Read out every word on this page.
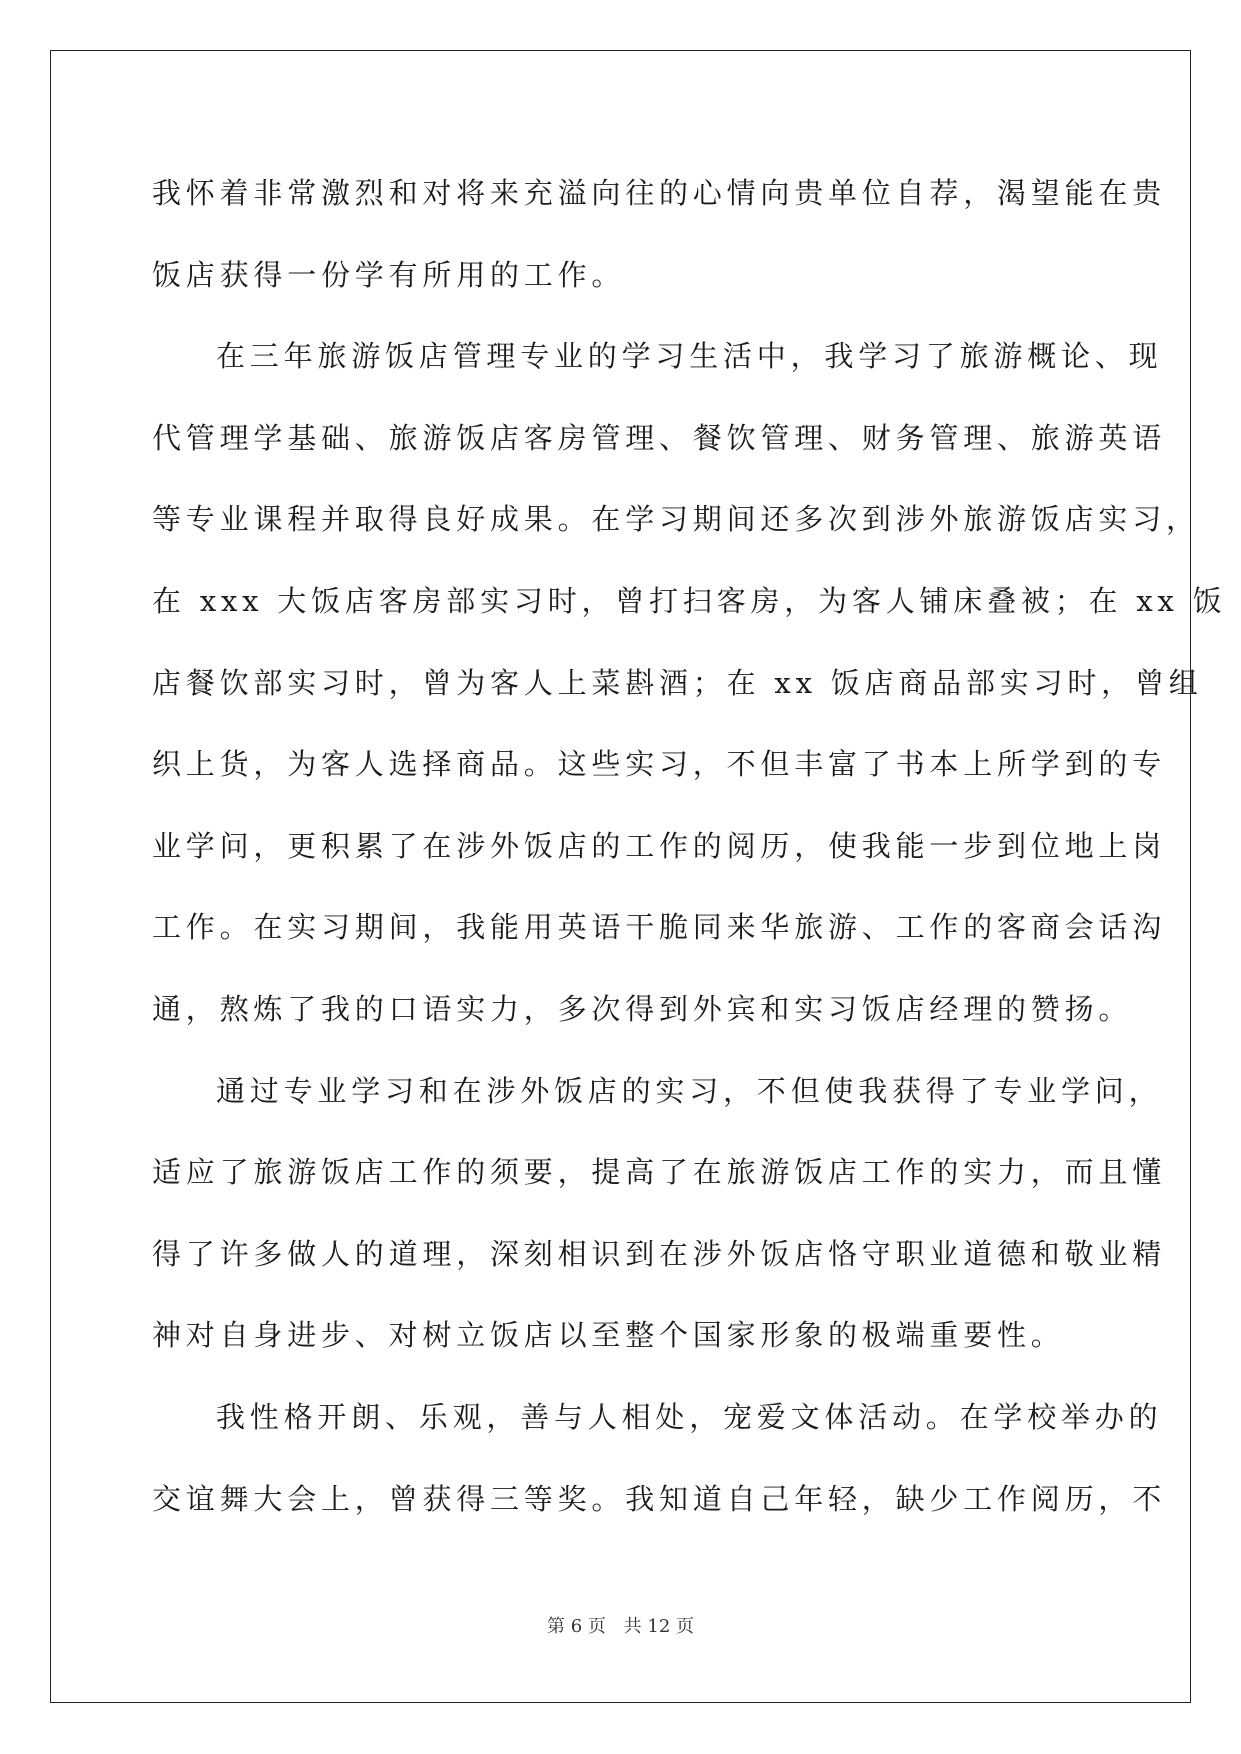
我怀着非常激烈和对将来充溢向往的心情向贵单位自荐，渴望能在贵
饭店获得一份学有所用的工作。
在三年旅游饭店管理专业的学习生活中，我学习了旅游概论、现
代管理学基础、旅游饭店客房管理、餐饮管理、财务管理、旅游英语
等专业课程并取得良好成果。在学习期间还多次到涉外旅游饭店实习，
在 xxx 大饭店客房部实习时，曾打扫客房，为客人铺床叠被；在 xx 饭
店餐饮部实习时，曾为客人上菜斟酒；在 xx 饭店商品部实习时，曾组
织上货，为客人选择商品。这些实习，不但丰富了书本上所学到的专
业学问，更积累了在涉外饭店的工作的阅历，使我能一步到位地上岗
工作。在实习期间，我能用英语干脆同来华旅游、工作的客商会话沟
通，熬炼了我的口语实力，多次得到外宾和实习饭店经理的赞扬。
通过专业学习和在涉外饭店的实习，不但使我获得了专业学问，
适应了旅游饭店工作的须要，提高了在旅游饭店工作的实力，而且懂
得了许多做人的道理，深刻相识到在涉外饭店恪守职业道德和敬业精
神对自身进步、对树立饭店以至整个国家形象的极端重要性。
我性格开朗、乐观，善与人相处，宠爱文体活动。在学校举办的
交谊舞大会上，曾获得三等奖。我知道自己年轻，缺少工作阅历，不
第 6 页 共 12 页
